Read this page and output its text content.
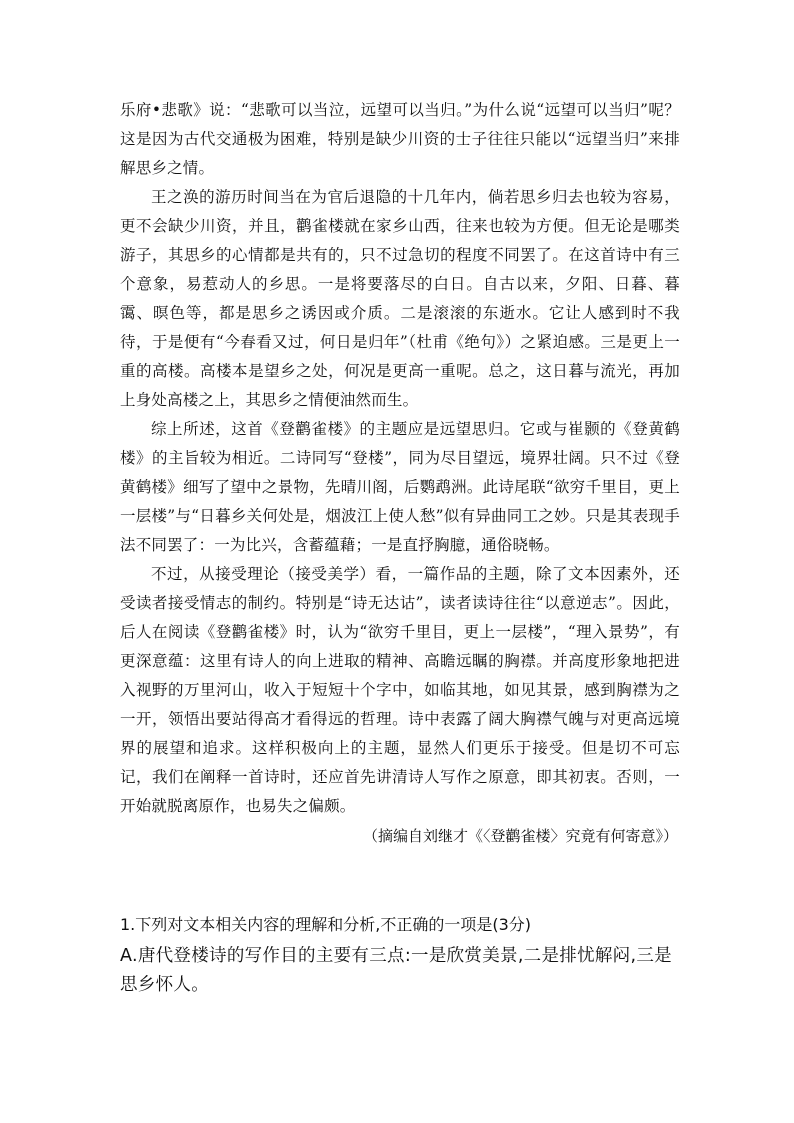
乐府•悲歌》说：“悲歌可以当泣，远望可以当归。”为什么说“远望可以当归”呢？这是因为古代交通极为困难，特别是缺少川资的士子往往只能以“远望当归”来排解思乡之情。

王之涣的游历时间当在为官后退隐的十几年内，倘若思乡归去也较为容易，更不会缺少川资，并且，鹳雀楼就在家乡山西，往来也较为方便。但无论是哪类游子，其思乡的心情都是共有的，只不过急切的程度不同罢了。在这首诗中有三个意象，易惹动人的乡思。一是将要落尽的白日。自古以来，夕阳、日暮、暮霭、暝色等，都是思乡之诱因或介质。二是滚滚的东逝水。它让人感到时不我待，于是便有“今春看又过，何日是归年”（杜甫《绝句》）之紧迫感。三是更上一重的高楼。高楼本是望乡之处，何况是更高一重呢。总之，这日暮与流光，再加上身处高楼之上，其思乡之情便油然而生。

综上所述，这首《登鹳雀楼》的主题应是远望思归。它或与崔颢的《登黄鹤楼》的主旨较为相近。二诗同写“登楼”，同为尽目望远，境界壮阔。只不过《登黄鹤楼》细写了望中之景物，先晴川阁，后鹦鹉洲。此诗尾联“欲穷千里目，更上一层楼”与“日暮乡关何处是，烟波江上使人愁”似有异曲同工之妙。只是其表现手法不同罢了：一为比兴，含蓄蕴藉；一是直抒胸臆，通俗晓畅。

不过，从接受理论（接受美学）看，一篇作品的主题，除了文本因素外，还受读者接受情志的制约。特别是“诗无达诂”，读者读诗往往“以意逆志”。因此，后人在阅读《登鹳雀楼》时，认为“欲穷千里目，更上一层楼”，“理入景势”，有更深意蕴：这里有诗人的向上进取的精神、高瞻远瞩的胸襟。并高度形象地把进入视野的万里河山，收入于短短十个字中，如临其地，如见其景，感到胸襟为之一开，领悟出要站得高才看得远的哲理。诗中表露了阔大胸襟气魄与对更高远境界的展望和追求。这样积极向上的主题，显然人们更乐于接受。但是切不可忘记，我们在阐释一首诗时，还应首先讲清诗人写作之原意，即其初衷。否则，一开始就脱离原作，也易失之偏颇。

（摘编自刘继才《〈登鹳雀楼〉究竟有何寄意》）

1.下列对文本相关内容的理解和分析,不正确的一项是(3分)

A.唐代登楼诗的写作目的主要有三点:一是欣赏美景,二是排忧解闷,三是思乡怀人。
